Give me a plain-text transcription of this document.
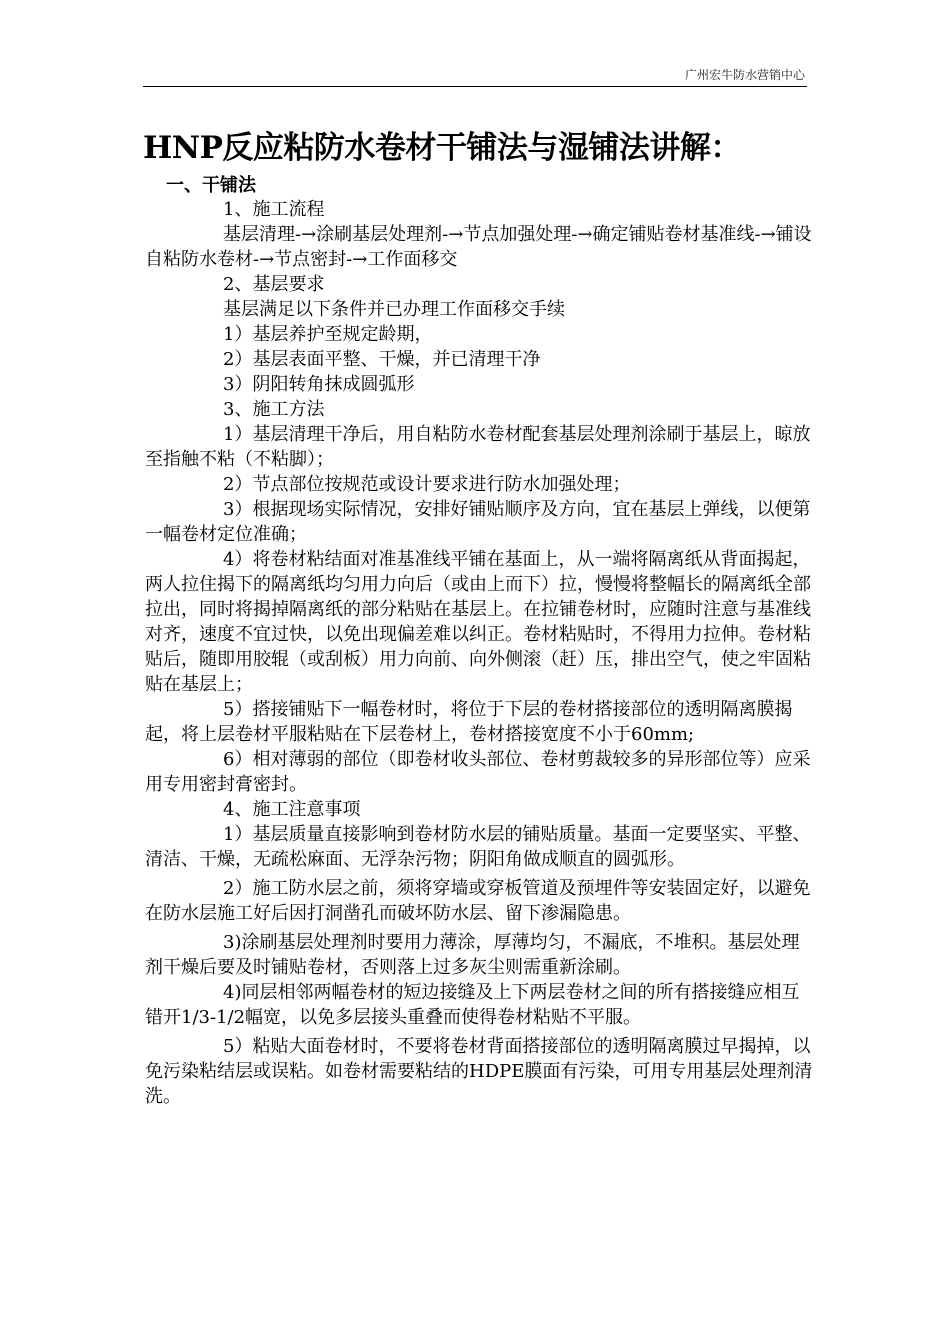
广州宏牛防水营销中心
HNP反应粘防水卷材干铺法与湿铺法讲解：
一、干铺法

1、施工流程

基层清理-→涂刷基层处理剂-→节点加强处理-→确定铺贴卷材基准线-→铺设自粘防水卷材-→节点密封-→工作面移交

2、基层要求

基层满足以下条件并已办理工作面移交手续

1）基层养护至规定龄期，

2）基层表面平整、干燥，并已清理干净

3）阴阳转角抹成圆弧形

3、施工方法

1）基层清理干净后，用自粘防水卷材配套基层处理剂涂刷于基层上，晾放至指触不粘（不粘脚）；

2）节点部位按规范或设计要求进行防水加强处理；

3）根据现场实际情况，安排好铺贴顺序及方向，宜在基层上弹线，以便第一幅卷材定位准确；

4）将卷材粘结面对准基准线平铺在基面上，从一端将隔离纸从背面揭起，两人拉住揭下的隔离纸均匀用力向后（或由上而下）拉，慢慢将整幅长的隔离纸全部拉出，同时将揭掉隔离纸的部分粘贴在基层上。在拉铺卷材时，应随时注意与基准线对齐，速度不宜过快，以免出现偏差难以纠正。卷材粘贴时，不得用力拉伸。卷材粘贴后，随即用胶辊（或刮板）用力向前、向外侧滚（赶）压，排出空气，使之牢固粘贴在基层上；

5）搭接铺贴下一幅卷材时，将位于下层的卷材搭接部位的透明隔离膜揭起，将上层卷材平服粘贴在下层卷材上，卷材搭接宽度不小于60mm;

6）相对薄弱的部位（即卷材收头部位、卷材剪裁较多的异形部位等）应采用专用密封膏密封。

4、施工注意事项

1）基层质量直接影响到卷材防水层的铺贴质量。基面一定要坚实、平整、清洁、干燥，无疏松麻面、无浮杂污物；阴阳角做成顺直的圆弧形。

2）施工防水层之前，须将穿墙或穿板管道及预埋件等安装固定好，以避免在防水层施工好后因打洞凿孔而破坏防水层、留下渗漏隐患。

3)涂刷基层处理剂时要用力薄涂，厚薄均匀，不漏底，不堆积。基层处理剂干燥后要及时铺贴卷材，否则落上过多灰尘则需重新涂刷。

4)同层相邻两幅卷材的短边接缝及上下两层卷材之间的所有搭接缝应相互错开1/3-1/2幅宽，以免多层接头重叠而使得卷材粘贴不平服。

5）粘贴大面卷材时，不要将卷材背面搭接部位的透明隔离膜过早揭掉，以免污染粘结层或误粘。如卷材需要粘结的HDPE膜面有污染，可用专用基层处理剂清洗。
